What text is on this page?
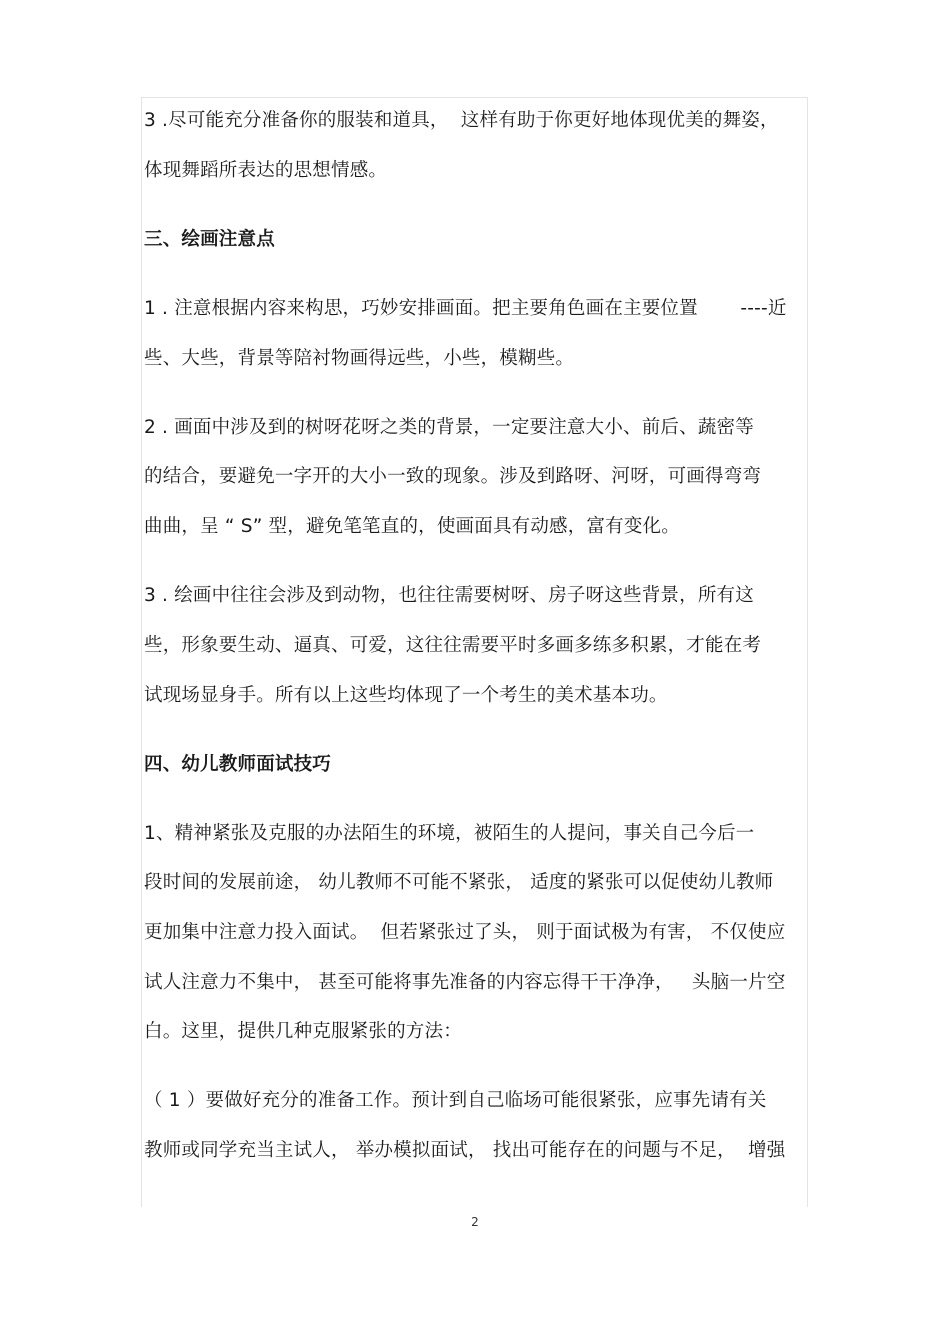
3 .尽可能充分准备你的服装和道具，  这样有助于你更好地体现优美的舞姿，
体现舞蹈所表达的思想情感。
三、绘画注意点
1 . 注意根据内容来构思，巧妙安排画面。把主要角色画在主要位置       ----近
些、大些，背景等陪衬物画得远些，小些，模糊些。
2 . 画面中涉及到的树呀花呀之类的背景，一定要注意大小、前后、蔬密等
的结合，要避免一字开的大小一致的现象。涉及到路呀、河呀，可画得弯弯
曲曲，呈 “ S” 型，避免笔笔直的，使画面具有动感，富有变化。
3 . 绘画中往往会涉及到动物，也往往需要树呀、房子呀这些背景，所有这
些，形象要生动、逼真、可爱，这往往需要平时多画多练多积累，才能在考
试现场显身手。所有以上这些均体现了一个考生的美术基本功。
四、幼儿教师面试技巧
1、精神紧张及克服的办法陌生的环境，被陌生的人提问，事关自己今后一
段时间的发展前途， 幼儿教师不可能不紧张， 适度的紧张可以促使幼儿教师
更加集中注意力投入面试。  但若紧张过了头， 则于面试极为有害， 不仅使应
试人注意力不集中， 甚至可能将事先准备的内容忘得干干净净，   头脑一片空
白。这里，提供几种克服紧张的方法：
（ 1 ）要做好充分的准备工作。预计到自己临场可能很紧张，应事先请有关
教师或同学充当主试人， 举办模拟面试， 找出可能存在的问题与不足，  增强
2
